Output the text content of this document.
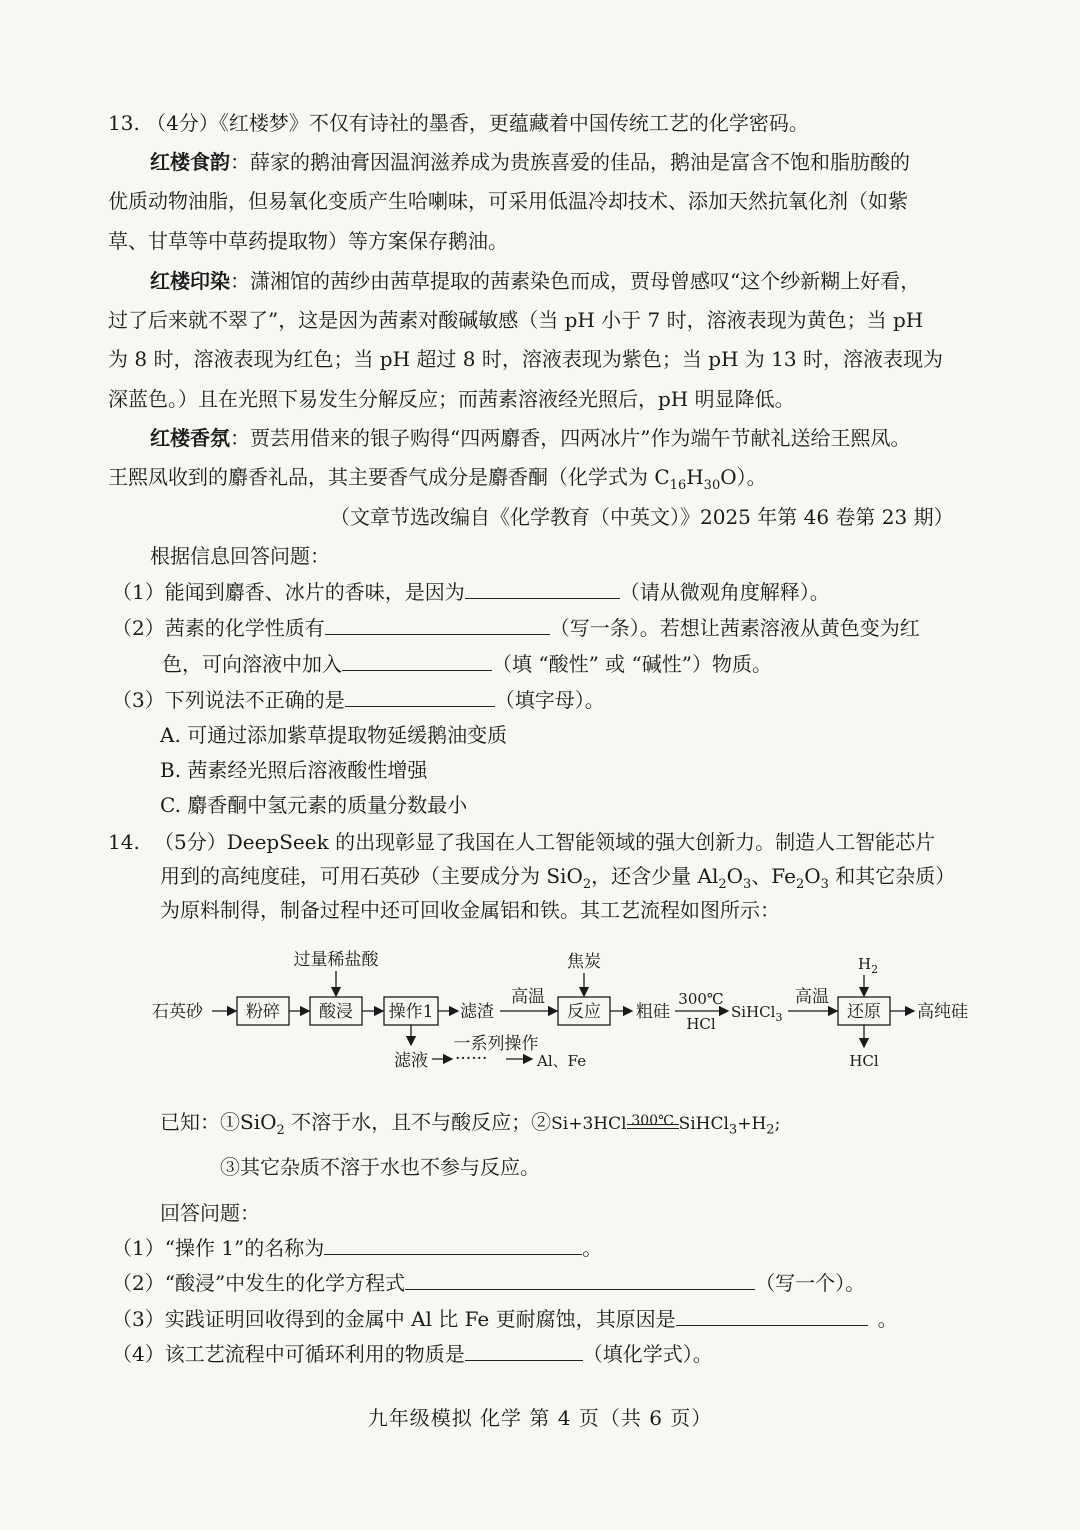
13. （4分）《红楼梦》不仅有诗社的墨香，更蕴藏着中国传统工艺的化学密码。
红楼食韵：薛家的鹅油膏因温润滋养成为贵族喜爱的佳品，鹅油是富含不饱和脂肪酸的
优质动物油脂，但易氧化变质产生哈喇味，可采用低温冷却技术、添加天然抗氧化剂（如紫
草、甘草等中草药提取物）等方案保存鹅油。
红楼印染：潇湘馆的茜纱由茜草提取的茜素染色而成，贾母曾感叹“这个纱新糊上好看，
过了后来就不翠了”，这是因为茜素对酸碱敏感（当 pH 小于 7 时，溶液表现为黄色；当 pH
为 8 时，溶液表现为红色；当 pH 超过 8 时，溶液表现为紫色；当 pH 为 13 时，溶液表现为
深蓝色。）且在光照下易发生分解反应；而茜素溶液经光照后，pH 明显降低。
红楼香氛：贾芸用借来的银子购得“四两麝香，四两冰片”作为端午节献礼送给王熙凤。
王熙凤收到的麝香礼品，其主要香气成分是麝香酮（化学式为 $C_{16}H_{30}O$）。
（文章节选改编自《化学教育（中英文）》2025 年第 46 卷第 23 期）
根据信息回答问题：
（1）能闻到麝香、冰片的香味，是因为	（请从微观角度解释）。
（2）茜素的化学性质有	（写一条）。若想让茜素溶液从黄色变为红
色，可向溶液中加入	（填 “酸性” 或 “碱性”）物质。
（3）下列说法不正确的是	（填字母）。
A. 可通过添加紫草提取物延缓鹅油变质
B. 茜素经光照后溶液酸性增强
C. 麝香酮中氢元素的质量分数最小
14. （5分）DeepSeek 的出现彰显了我国在人工智能领域的强大创新力。制造人工智能芯片
用到的高纯度硅，可用石英砂（主要成分为 SiO$_2$，还含少量 $Al_2O_3$、$Fe_2O_3$ 和其它杂质）
为原料制得，制备过程中还可回收金属铝和铁。其工艺流程如图所示：
石英砂	粉碎 酸浸
过量稀盐酸
操作1 滤渣
高温
焦炭
反应 粗硅
300℃
HCl
SiHCl$_3$
高温
$H_2$
还原 高纯硅
HCl
滤液 ······
一系列操作
Al、Fe
已知：①SiO$_2$ 不溶于水，且不与酸反应；②Si+3HCl 300℃ $SiHCl_3+H_2$;
③其它杂质不溶于水也不参与反应。
回答问题：
（1）“操作 1”的名称为	。
（2）“酸浸”中发生的化学方程式	（写一个）。
（3）实践证明回收得到的金属中 Al 比 Fe 更耐腐蚀，其原因是	。
（4）该工艺流程中可循环利用的物质是	（填化学式）。
九年级模拟 化学 第 4 页（共 6 页）
